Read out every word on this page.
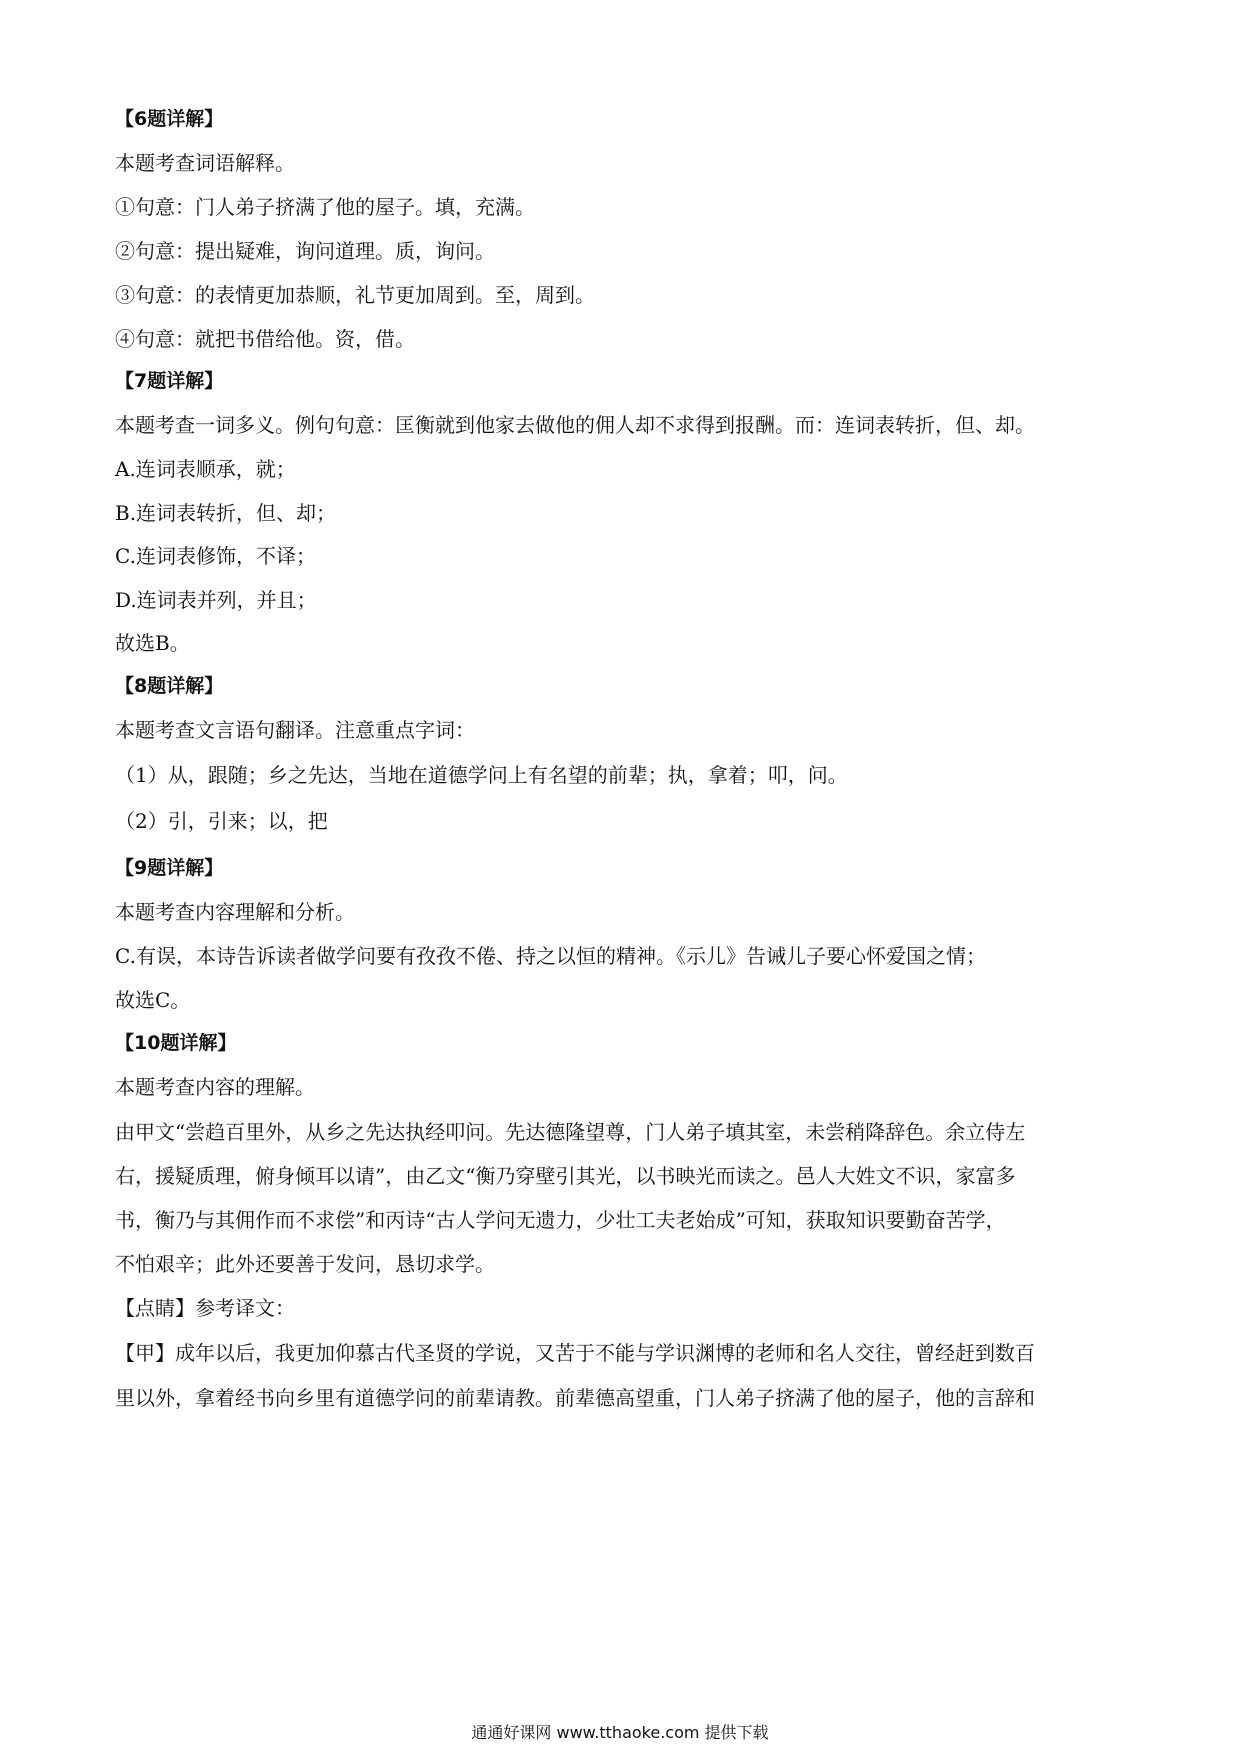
【6题详解】
本题考查词语解释。
①句意：门人弟子挤满了他的屋子。填，充满。
②句意：提出疑难，询问道理。质，询问。
③句意：的表情更加恭顺，礼节更加周到。至，周到。
④句意：就把书借给他。资，借。
【7题详解】
本题考查一词多义。例句句意：匡衡就到他家去做他的佣人却不求得到报酬。而：连词表转折，但、却。
A.连词表顺承，就；
B.连词表转折，但、却；
C.连词表修饰，不译；
D.连词表并列，并且；
故选B。
【8题详解】
本题考查文言语句翻译。注意重点字词：
（1）从，跟随；乡之先达，当地在道德学问上有名望的前辈；执，拿着；叩，问。
（2）引，引来；以，把
【9题详解】
本题考查内容理解和分析。
C.有误，本诗告诉读者做学问要有孜孜不倦、持之以恒的精神。《示儿》告诫儿子要心怀爱国之情；
故选C。
【10题详解】
本题考查内容的理解。
由甲文“尝趋百里外，从乡之先达执经叩问。先达德隆望尊，门人弟子填其室，未尝稍降辞色。余立侍左
右，援疑质理，俯身倾耳以请”，由乙文“衡乃穿壁引其光，以书映光而读之。邑人大姓文不识，家富多
书，衡乃与其佣作而不求偿”和丙诗“古人学问无遗力，少壮工夫老始成”可知，获取知识要勤奋苦学，
不怕艰辛；此外还要善于发问，恳切求学。
【点睛】参考译文：
【甲】成年以后，我更加仰慕古代圣贤的学说，又苦于不能与学识渊博的老师和名人交往，曾经赶到数百
里以外，拿着经书向乡里有道德学问的前辈请教。前辈德高望重，门人弟子挤满了他的屋子，他的言辞和
通通好课网 www.tthaoke.com 提供下载
